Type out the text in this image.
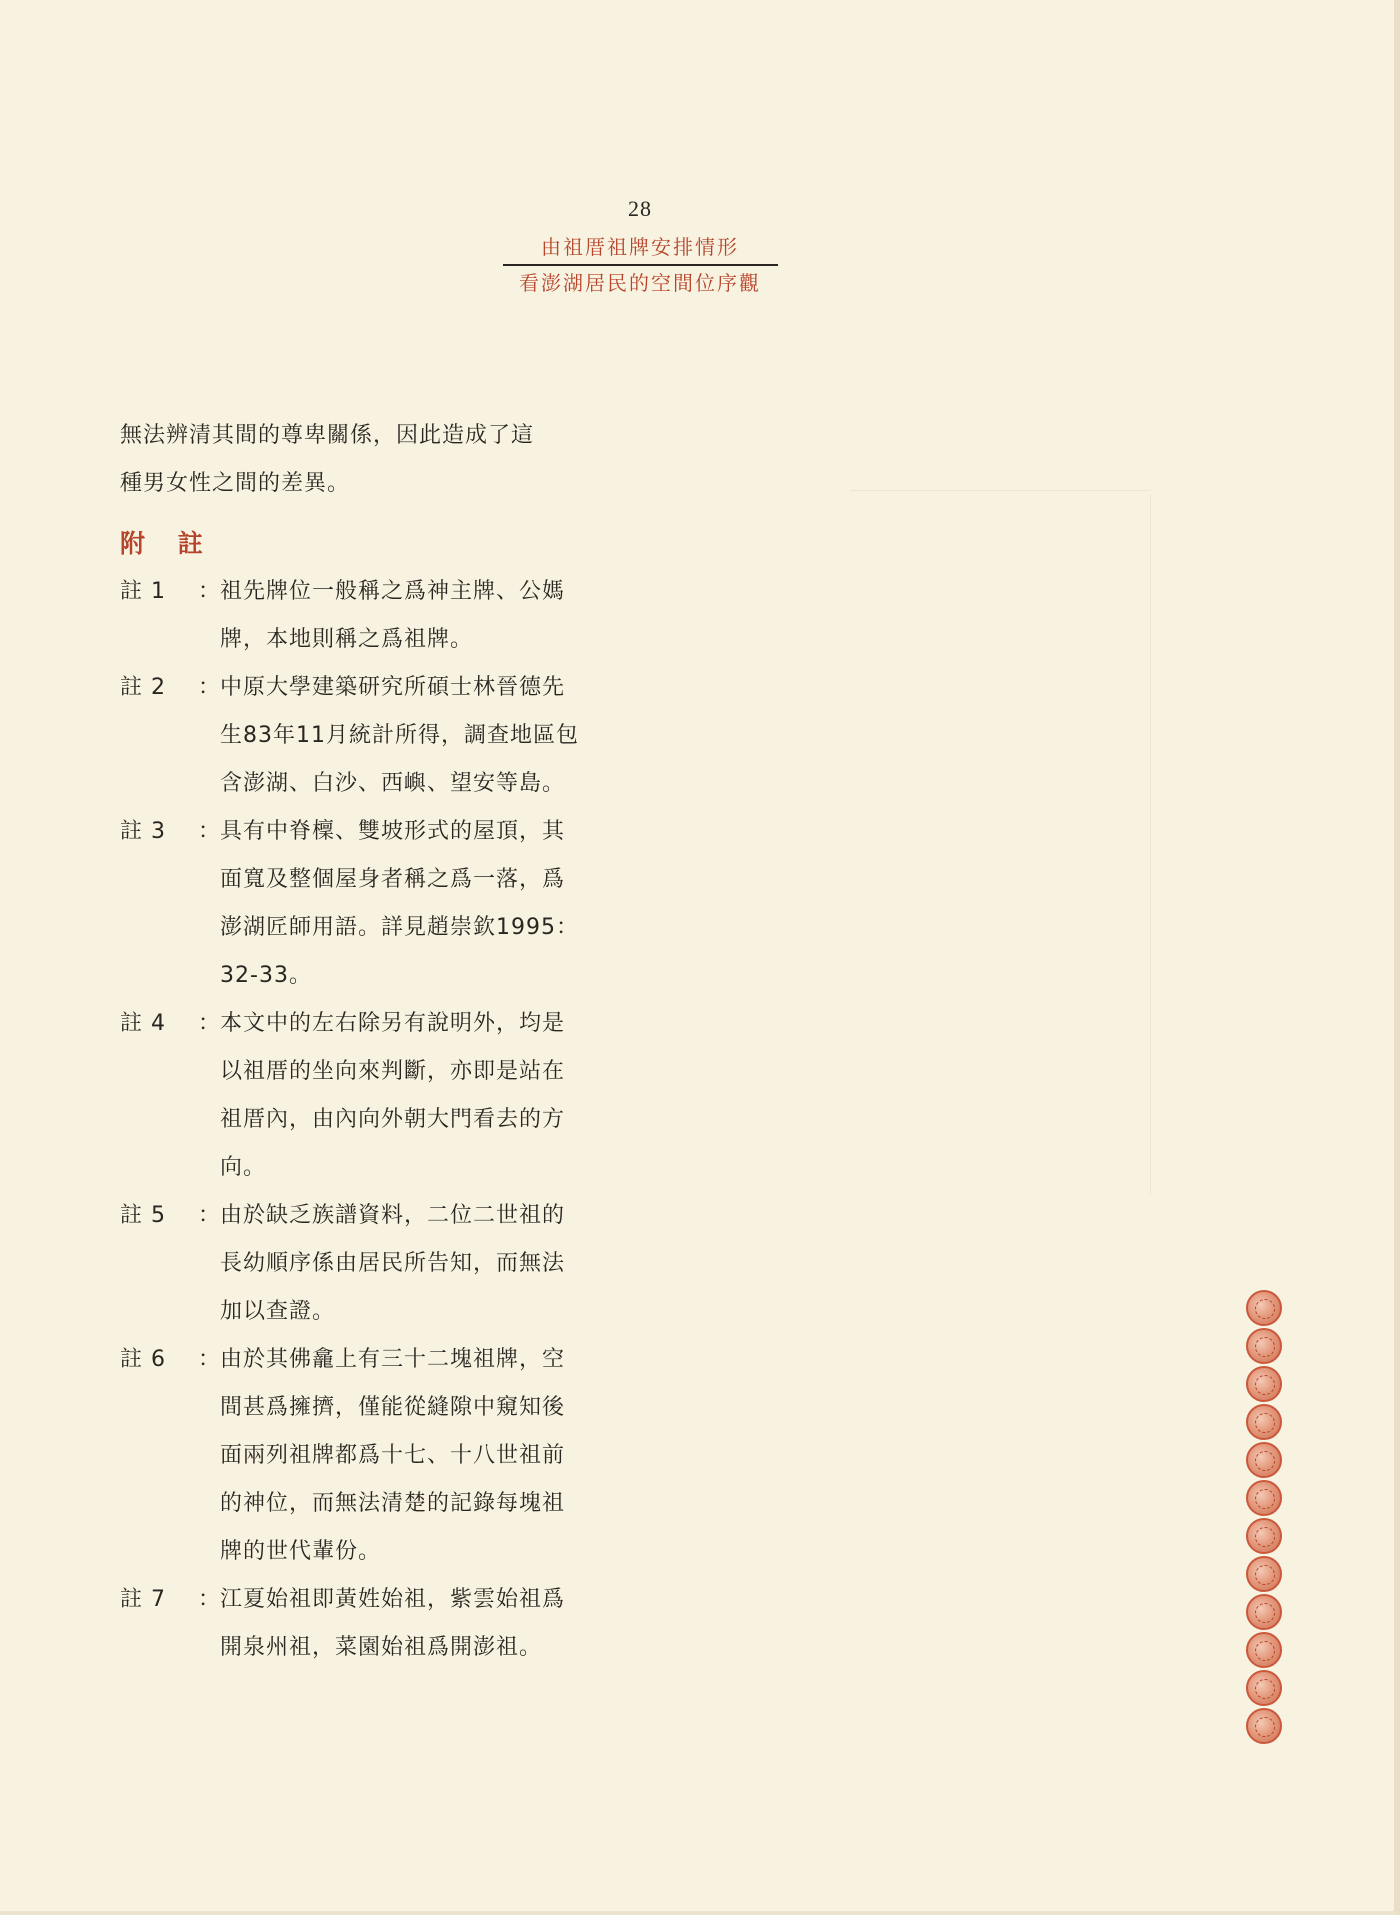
28
由祖厝祖牌安排情形
看澎湖居民的空間位序觀

無法辨清其間的尊卑關係，因此造成了這

種男女性之間的差異。

附 註
註 1	： 祖先牌位一般稱之爲神主牌、公媽
牌，本地則稱之爲祖牌。
註 2	： 中原大學建築研究所碩士林晉德先
生83年11月統計所得，調查地區包
含澎湖、白沙、西嶼、望安等島。
註 3	： 具有中脊檁、雙坡形式的屋頂，其
面寬及整個屋身者稱之爲一落，爲
澎湖匠師用語。詳見趙崇欽1995：
32-33。
註 4	： 本文中的左右除另有說明外，均是
以祖厝的坐向來判斷，亦即是站在
祖厝內，由內向外朝大門看去的方
向。
註 5	： 由於缺乏族譜資料，二位二世祖的
長幼順序係由居民所告知，而無法
加以查證。
註 6	： 由於其佛龕上有三十二塊祖牌，空
間甚爲擁擠，僅能從縫隙中窺知後
面兩列祖牌都爲十七、十八世祖前
的神位，而無法清楚的記錄每塊祖
牌的世代輩份。
註 7	： 江夏始祖即黃姓始祖，紫雲始祖爲
開泉州祖，菜園始祖爲開澎祖。
